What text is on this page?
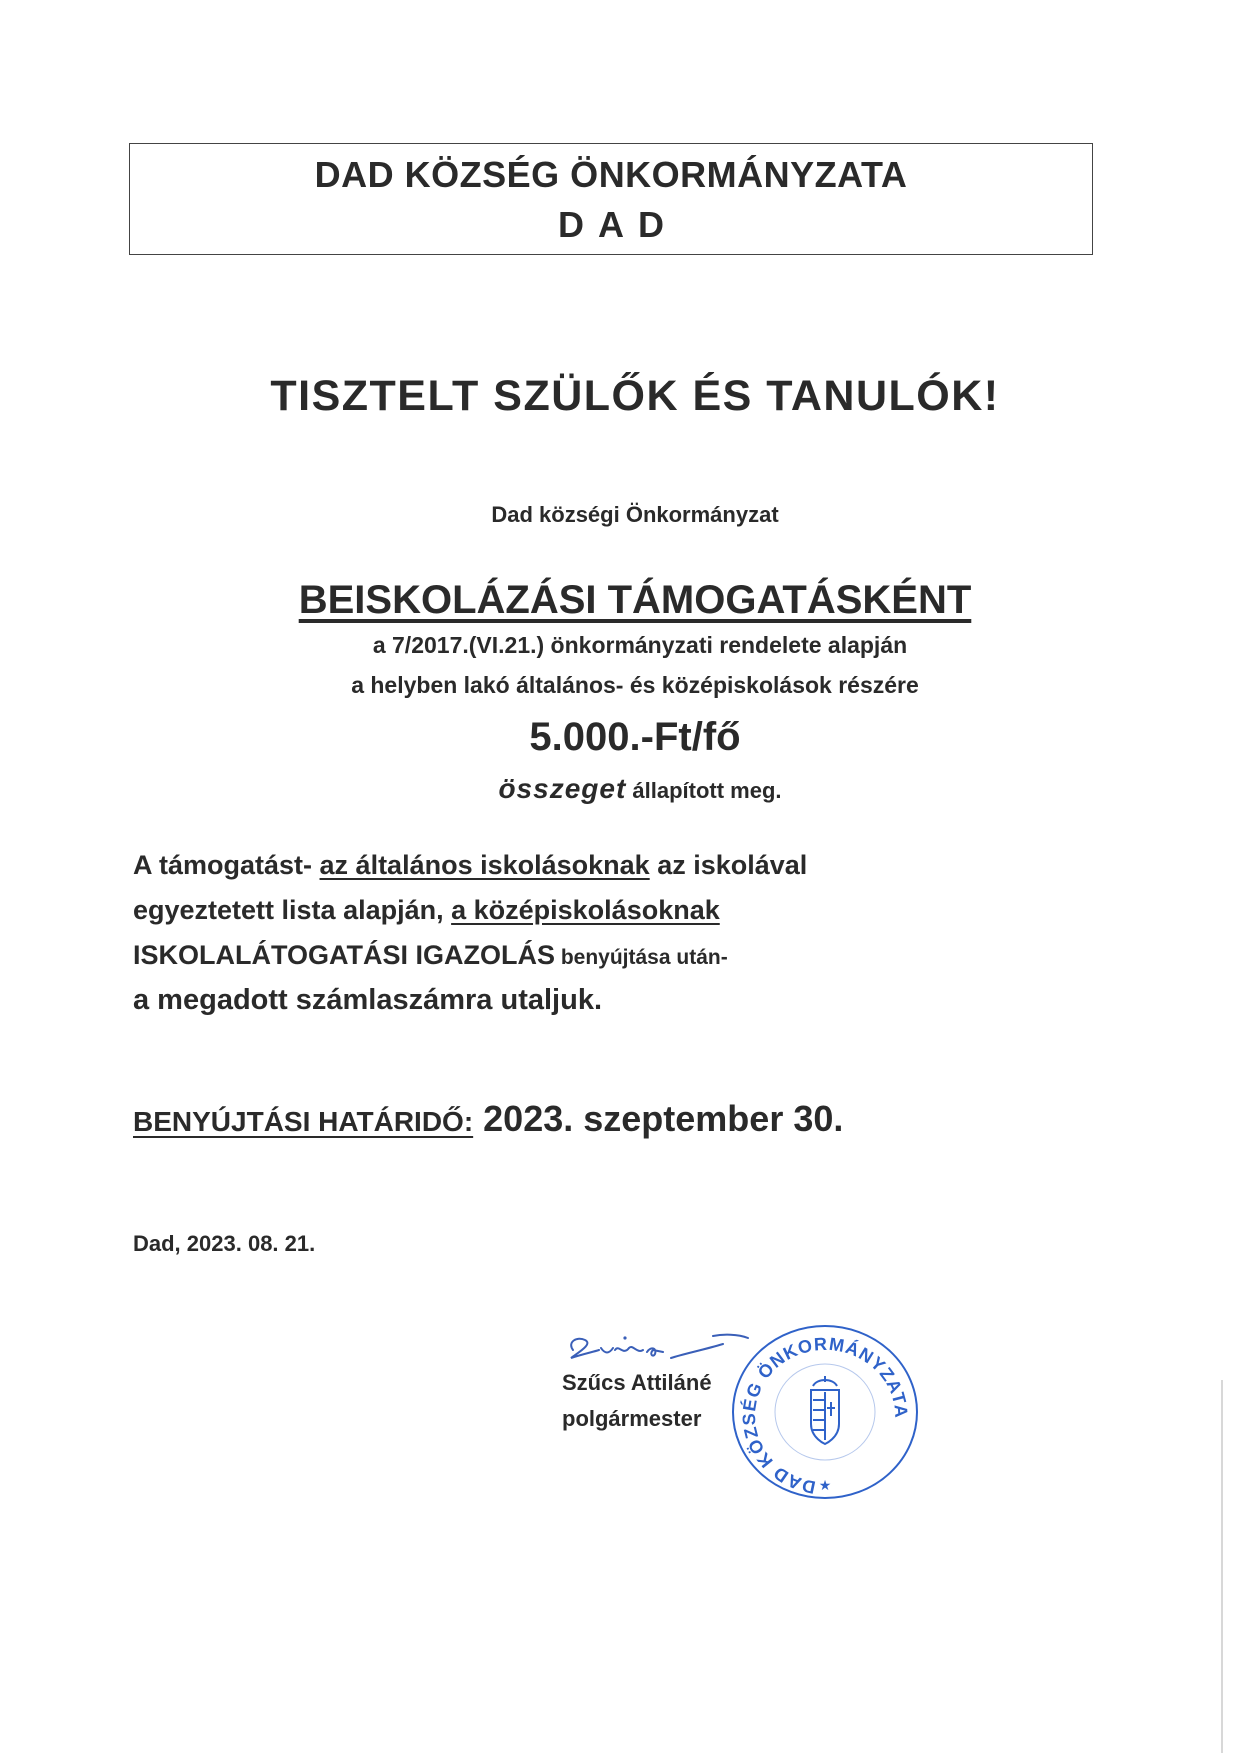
DAD KÖZSÉG ÖNKORMÁNYZATA
DAD
TISZTELT SZÜLŐK ÉS TANULÓK!
Dad községi Önkormányzat
BEISKOLÁZÁSI TÁMOGATÁSKÉNT
a 7/2017.(VI.21.) önkormányzati rendelete alapján
a helyben lakó általános- és középiskolások részére
5.000.-Ft/fő
összeget állapított meg.
A támogatást- az általános iskolásoknak az iskolával
egyeztetett lista alapján, a középiskolásoknak
ISKOLALÁTOGATÁSI IGAZOLÁS benyújtása után-
a megadott számlaszámra utaljuk.
BENYÚJTÁSI HATÁRIDŐ: 2023. szeptember 30.
Dad, 2023. 08. 21.
Szűcs Attiláné
polgármester
DAD KÖZSÉG ÖNKORMÁNYZATA
★
